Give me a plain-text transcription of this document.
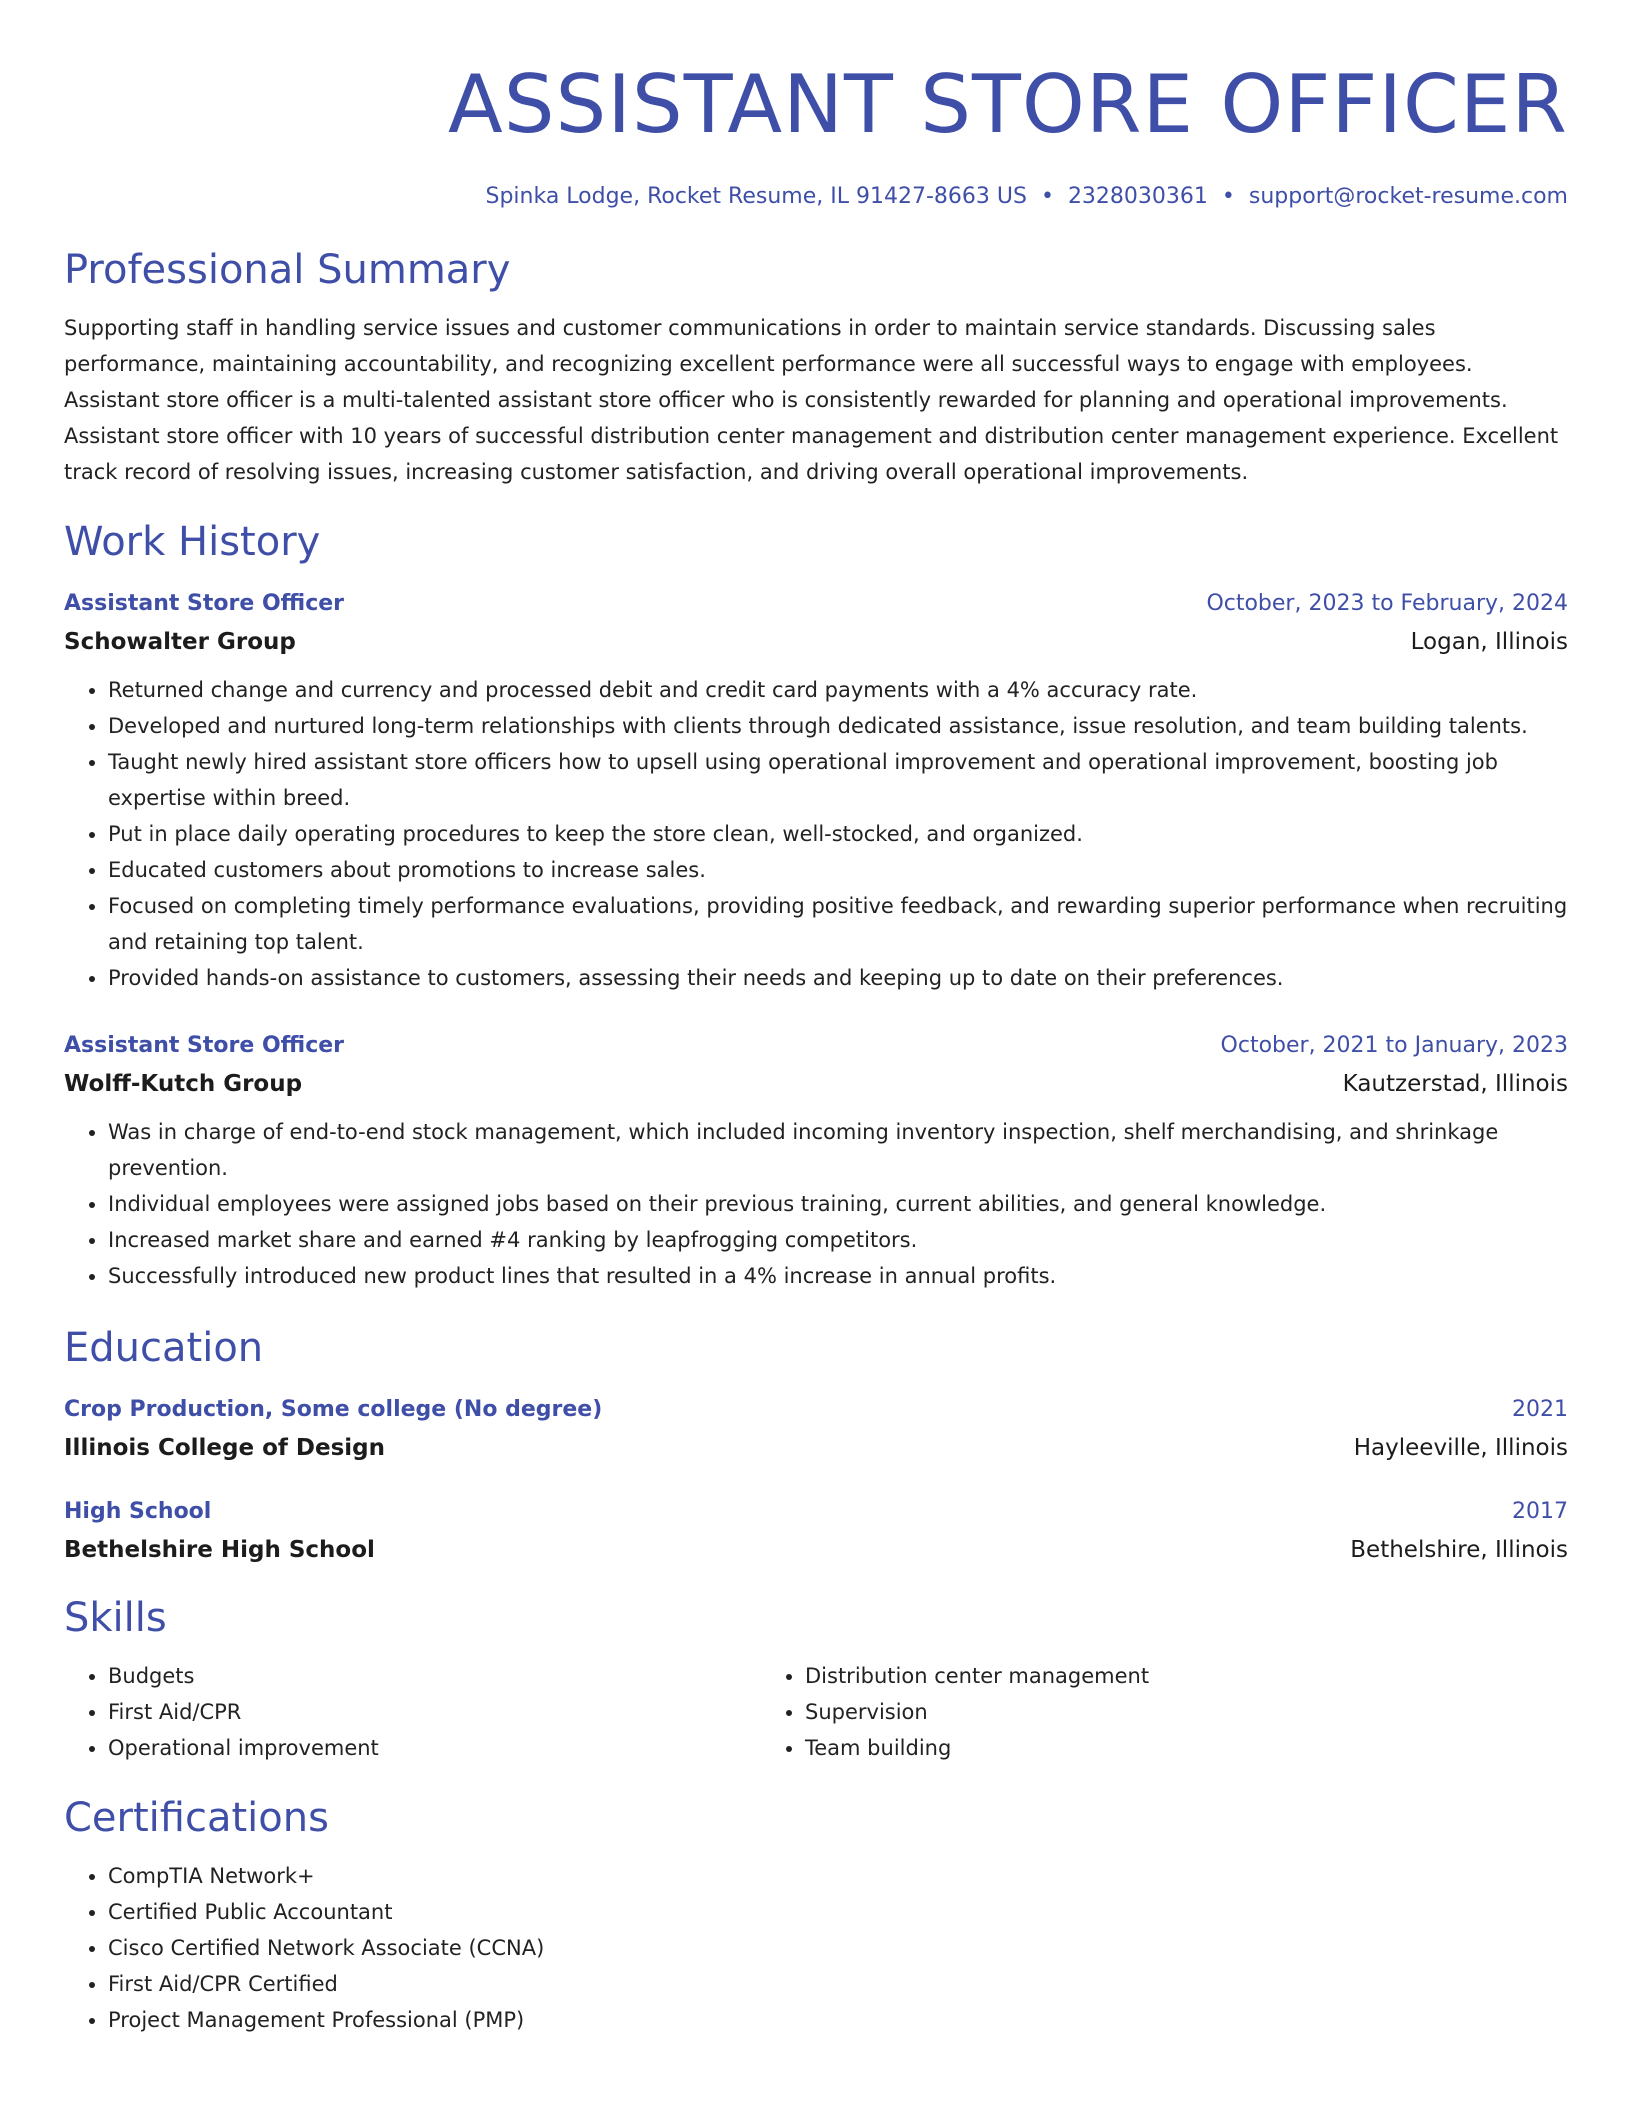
ASSISTANT STORE OFFICER
Spinka Lodge, Rocket Resume, IL 91427-8663 US • 2328030361 • support@rocket-resume.com
Professional Summary

Supporting staff in handling service issues and customer communications in order to maintain service standards. Discussing sales performance, maintaining accountability, and recognizing excellent performance were all successful ways to engage with employees. Assistant store officer is a multi-talented assistant store officer who is consistently rewarded for planning and operational improvements. Assistant store officer with 10 years of successful distribution center management and distribution center management experience. Excellent track record of resolving issues, increasing customer satisfaction, and driving overall operational improvements.

Work History
Assistant Store Officer	October, 2023 to February, 2024
Schowalter Group	Logan, Illinois
• Returned change and currency and processed debit and credit card payments with a 4% accuracy rate.
• Developed and nurtured long-term relationships with clients through dedicated assistance, issue resolution, and team building talents.
• Taught newly hired assistant store officers how to upsell using operational improvement and operational improvement, boosting job expertise within breed.
• Put in place daily operating procedures to keep the store clean, well-stocked, and organized.
• Educated customers about promotions to increase sales.
• Focused on completing timely performance evaluations, providing positive feedback, and rewarding superior performance when recruiting and retaining top talent.
• Provided hands-on assistance to customers, assessing their needs and keeping up to date on their preferences.
Assistant Store Officer	October, 2021 to January, 2023
Wolff-Kutch Group	Kautzerstad, Illinois
• Was in charge of end-to-end stock management, which included incoming inventory inspection, shelf merchandising, and shrinkage prevention.
• Individual employees were assigned jobs based on their previous training, current abilities, and general knowledge.
• Increased market share and earned #4 ranking by leapfrogging competitors.
• Successfully introduced new product lines that resulted in a 4% increase in annual profits.
Education
Crop Production, Some college (No degree)	2021
Illinois College of Design	Hayleeville, Illinois
High School	2017
Bethelshire High School	Bethelshire, Illinois
Skills
• Budgets
• First Aid/CPR
• Operational improvement
• Distribution center management
• Supervision
• Team building
Certifications
• CompTIA Network+
• Certified Public Accountant
• Cisco Certified Network Associate (CCNA)
• First Aid/CPR Certified
• Project Management Professional (PMP)
